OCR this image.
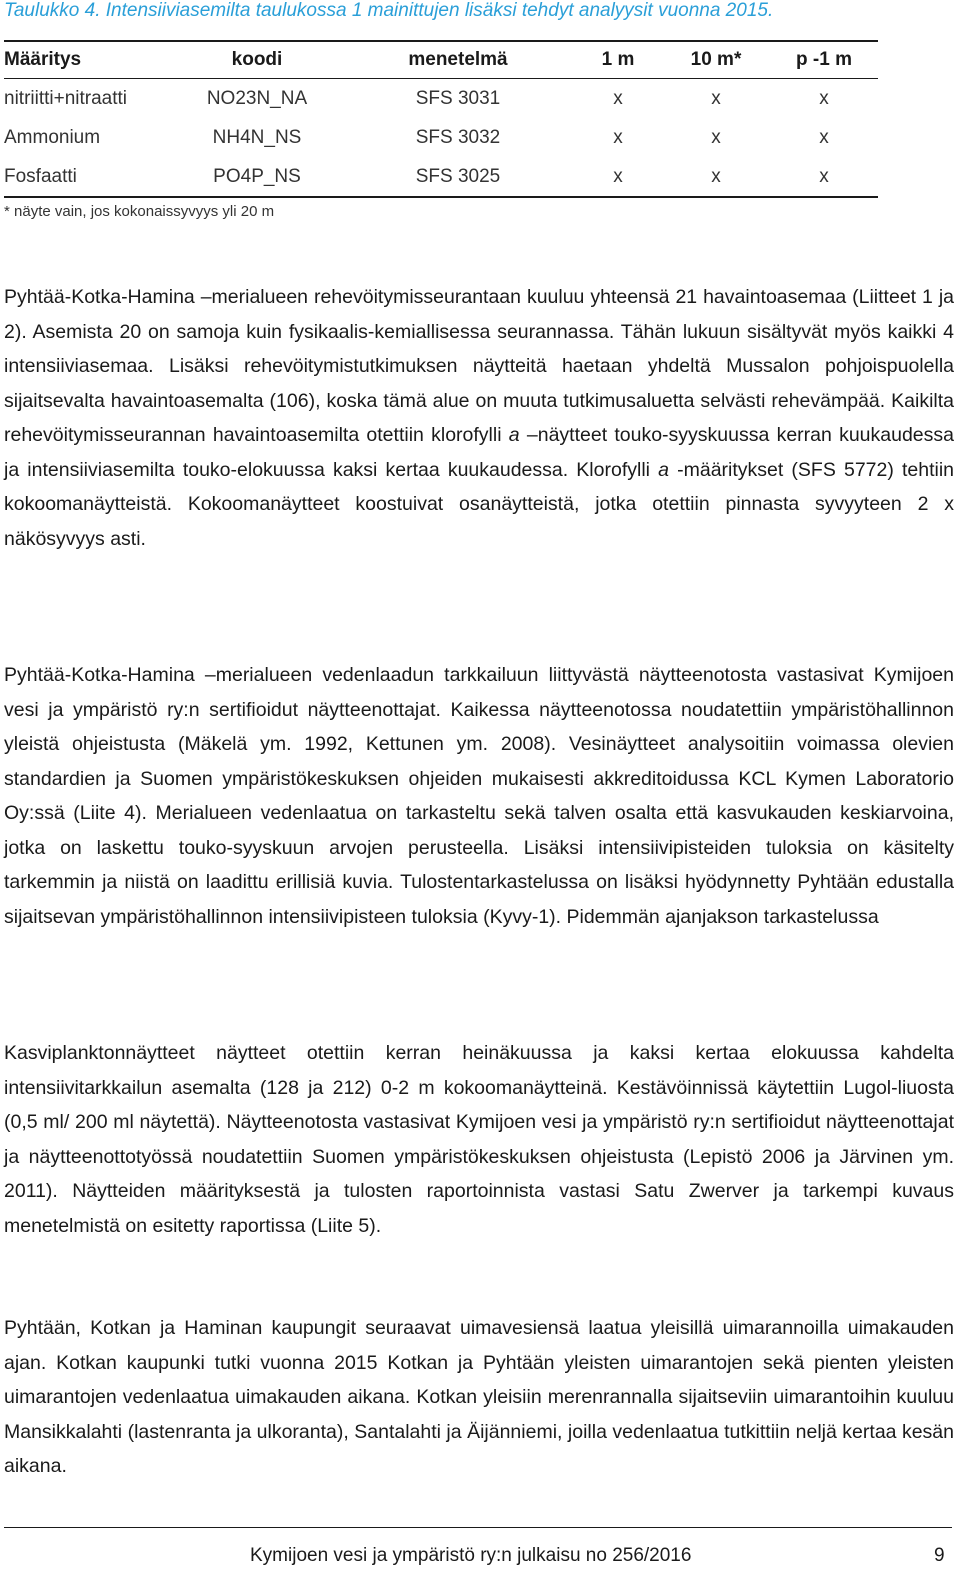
Taulukko 4. Intensiiviasemilta taulukossa 1 mainittujen lisäksi tehdyt analyysit vuonna 2015.
Määritys	koodi	menetelmä	1 m	10 m*	p -1 m
nitriitti+nitraatti	NO23N_NA	SFS 3031	x	x	x
Ammonium	NH4N_NS	SFS 3032	x	x	x
Fosfaatti	PO4P_NS	SFS 3025	x	x	x
* näyte vain, jos kokonaissyvyys yli 20 m

Pyhtää-Kotka-Hamina –merialueen rehevöitymisseurantaan kuuluu yhteensä 21 havaintoasemaa (Liitteet 1 ja 2). Asemista 20 on samoja kuin fysikaalis-kemiallisessa seurannassa. Tähän lukuun sisältyvät myös kaikki 4 intensiiviasemaa. Lisäksi rehevöitymistutkimuksen näytteitä haetaan yhdeltä Mussalon pohjoispuolella sijaitsevalta havaintoasemalta (106), koska tämä alue on muuta tutkimusaluetta selvästi rehevämpää. Kaikilta rehevöitymisseurannan havaintoasemilta otettiin klorofylli a –näytteet touko-syyskuussa kerran kuukaudessa ja intensiiviasemilta touko-elokuussa kaksi kertaa kuukaudessa. Klorofylli a -määritykset (SFS 5772) tehtiin kokoomanäytteistä. Kokoomanäytteet koostuivat osanäytteistä, jotka otettiin pinnasta syvyyteen 2 x näkösyvyys asti.

Pyhtää-Kotka-Hamina –merialueen vedenlaadun tarkkailuun liittyvästä näytteenotosta vastasivat Kymijoen vesi ja ympäristö ry:n sertifioidut näytteenottajat. Kaikessa näytteenotossa noudatettiin ympäristöhallinnon yleistä ohjeistusta (Mäkelä ym. 1992, Kettunen ym. 2008). Vesinäytteet analysoitiin voimassa olevien standardien ja Suomen ympäristökeskuksen ohjeiden mukaisesti akkreditoidussa KCL Kymen Laboratorio Oy:ssä (Liite 4). Merialueen vedenlaatua on tarkasteltu sekä talven osalta että kasvukauden keskiarvoina, jotka on laskettu touko-syyskuun arvojen perusteella. Lisäksi intensiivipisteiden tuloksia on käsitelty tarkemmin ja niistä on laadittu erillisiä kuvia. Tulostentarkastelussa on lisäksi hyödynnetty Pyhtään edustalla sijaitsevan ympäristöhallinnon intensiivipisteen tuloksia (Kyvy-1). Pidemmän ajanjakson tarkastelussa

Kasviplanktonnäytteet näytteet otettiin kerran heinäkuussa ja kaksi kertaa elokuussa kahdelta intensiivitarkkailun asemalta (128 ja 212) 0-2 m kokoomanäytteinä. Kestävöinnissä käytettiin Lugol-liuosta (0,5 ml/ 200 ml näytettä). Näytteenotosta vastasivat Kymijoen vesi ja ympäristö ry:n sertifioidut näytteenottajat ja näytteenottotyössä noudatettiin Suomen ympäristökeskuksen ohjeistusta (Lepistö 2006 ja Järvinen ym. 2011). Näytteiden määrityksestä ja tulosten raportoinnista vastasi Satu Zwerver ja tarkempi kuvaus menetelmistä on esitetty raportissa (Liite 5).

Pyhtään, Kotkan ja Haminan kaupungit seuraavat uimavesiensä laatua yleisillä uimarannoilla uimakauden ajan. Kotkan kaupunki tutki vuonna 2015 Kotkan ja Pyhtään yleisten uimarantojen sekä pienten yleisten uimarantojen vedenlaatua uimakauden aikana. Kotkan yleisiin merenrannalla sijaitseviin uimarantoihin kuuluu Mansikkalahti (lastenranta ja ulkoranta), Santalahti ja Äijänniemi, joilla vedenlaatua tutkittiin neljä kertaa kesän aikana.

Kymijoen vesi ja ympäristö ry:n julkaisu no 256/2016	9
